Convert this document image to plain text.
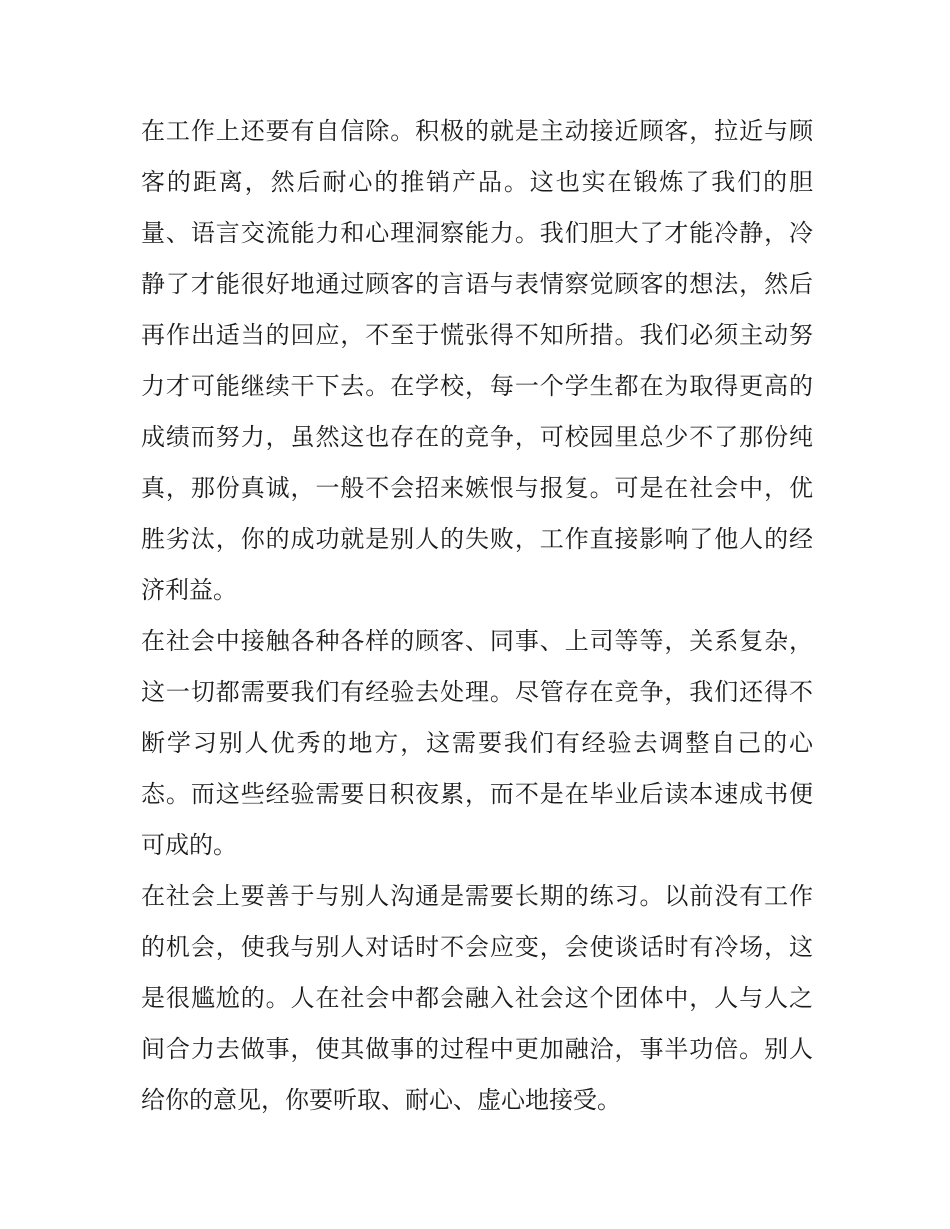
在工作上还要有自信除。积极的就是主动接近顾客，拉近与顾
客的距离，然后耐心的推销产品。这也实在锻炼了我们的胆
量、语言交流能力和心理洞察能力。我们胆大了才能冷静，冷
静了才能很好地通过顾客的言语与表情察觉顾客的想法，然后
再作出适当的回应，不至于慌张得不知所措。我们必须主动努
力才可能继续干下去。在学校，每一个学生都在为取得更高的
成绩而努力，虽然这也存在的竞争，可校园里总少不了那份纯
真，那份真诚，一般不会招来嫉恨与报复。可是在社会中，优
胜劣汰，你的成功就是别人的失败，工作直接影响了他人的经
济利益。
在社会中接触各种各样的顾客、同事、上司等等，关系复杂，
这一切都需要我们有经验去处理。尽管存在竞争，我们还得不
断学习别人优秀的地方，这需要我们有经验去调整自己的心
态。而这些经验需要日积夜累，而不是在毕业后读本速成书便
可成的。
在社会上要善于与别人沟通是需要长期的练习。以前没有工作
的机会，使我与别人对话时不会应变，会使谈话时有冷场，这
是很尴尬的。人在社会中都会融入社会这个团体中，人与人之
间合力去做事，使其做事的过程中更加融洽，事半功倍。别人
给你的意见，你要听取、耐心、虚心地接受。
